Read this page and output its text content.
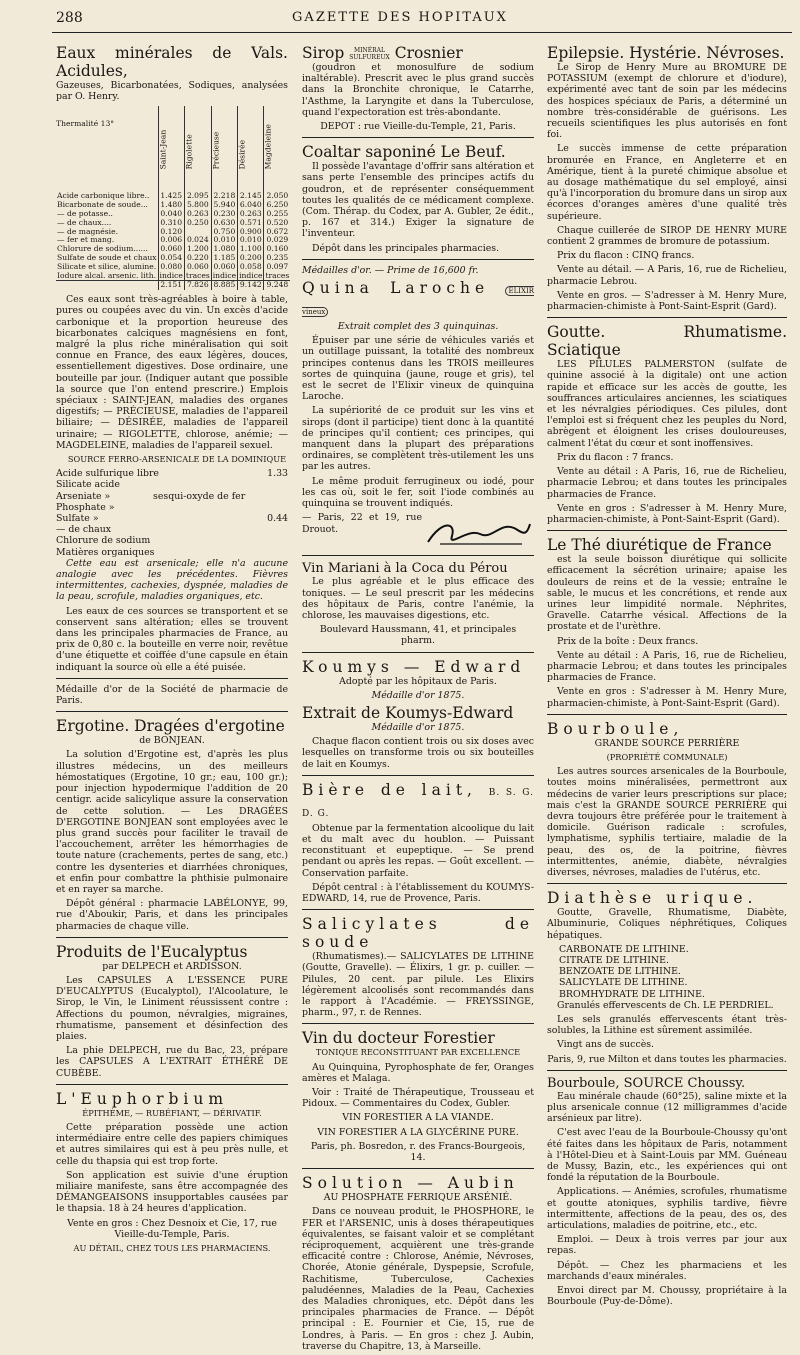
288	GAZETTE DES HOPITAUX
Eaux minérales de Vals. Acidules,

Gazeuses, Bicarbonatées, Sodiques, analysées par O. Henry.

Thermalité 13°	Saint-Jean	Rigolette	Précieuse	Désirée	Magdeleine
Acide carbonique libre..	1.425	2.095	2.218	2.145	2.050
Bicarbonate de soude...	1.480	5.800	5.940	6.040	6.250
— de potasse..	0.040	0.263	0.230	0.263	0.255
— de chaux....	0.310	0.250	0.630	0.571	0.520
— de magnésie.	0.120		0.750	0.900	0.672
— fer et mang.	0.006	0.024	0.010	0.010	0.029
Chlorure de sodium......	0.060	1.200	1.080	1.100	0.160
Sulfate de soude et chaux	0.054	0.220	1.185	0.200	0.235
Silicate et silice, alumine.	0.080	0.060	0.060	0.058	0.097
Iodure alcal. arsenic. lith.	indice	traces	indice	indice	traces
	2.151	7.826	8.885	9.142	9.248

Ces eaux sont très-agréables à boire à table, pures ou coupées avec du vin. Un excès d'acide carbonique et la proportion heureuse des bicarbonates calciques magnésiens en font, malgré la plus riche minéralisation qui soit connue en France, des eaux légères, douces, essentiellement digestives. Dose ordinaire, une bouteille par jour. (Indiquer autant que possible la source que l'on entend prescrire.) Emplois spéciaux : SAINT-JEAN, maladies des organes digestifs; — PRÉCIEUSE, maladies de l'appareil biliaire; — DÉSIRÉE, maladies de l'appareil urinaire; — RIGOLETTE, chlorose, anémie; — MAGDELEINE, maladies de l'appareil sexuel.

SOURCE FERRO-ARSENICALE DE LA DOMINIQUE

Acide sulfurique libre	1.33
Silicate acide
Arseniate »	sesqui-oxyde de fer
Phosphate »
Sulfate »	0.44
— de chaux
Chlorure de sodium
Matières organiques

Cette eau est arsenicale; elle n'a aucune analogie avec les précédentes. Fièvres intermittentes, cachexies, dyspnée, maladies de la peau, scrofule, maladies organiques, etc.

Les eaux de ces sources se transportent et se conservent sans altération; elles se trouvent dans les principales pharmacies de France, au prix de 0,80 c. la bouteille en verre noir, revêtue d'une étiquette et coiffée d'une capsule en étain indiquant la source où elle a été puisée.

Médaille d'or de la Société de pharmacie de Paris.

Ergotine. Dragées d'ergotine

de BONJEAN.

La solution d'Ergotine est, d'après les plus illustres médecins, un des meilleurs hémostatiques (Ergotine, 10 gr.; eau, 100 gr.); pour injection hypodermique l'addition de 20 centigr. acide salicylique assure la conservation de cette solution. — Les DRAGÉES D'ERGOTINE BONJEAN sont employées avec le plus grand succès pour faciliter le travail de l'accouchement, arrêter les hémorrhagies de toute nature (crachements, pertes de sang, etc.) contre les dysenteries et diarrhées chroniques, et enfin pour combattre la phthisie pulmonaire et en rayer sa marche.

Dépôt général : pharmacie LABÉLONYE, 99, rue d'Aboukir, Paris, et dans les principales pharmacies de chaque ville.

Produits de l'Eucalyptus

par DELPECH et ARDISSON.

Les CAPSULES A L'ESSENCE PURE D'EUCALYPTUS (Eucalyptol), l'Alcoolature, le Sirop, le Vin, le Liniment réussissent contre : Affections du poumon, névralgies, migraines, rhumatisme, pansement et désinfection des plaies.

La phie DELPECH, rue du Bac, 23, prépare les CAPSULES A L'EXTRAIT ÉTHÉRÉ DE CUBÈBE.

L'Euphorbium

ÉPITHÈME, — RUBÉFIANT, — DÉRIVATIF.

Cette préparation possède une action intermédiaire entre celle des papiers chimiques et autres similaires qui est à peu près nulle, et celle du thapsia qui est trop forte.

Son application est suivie d'une éruption miliaire manifeste, sans être accompagnée des DÉMANGEAISONS insupportables causées par le thapsia. 18 à 24 heures d'application.

Vente en gros : Chez Desnoix et Cie, 17, rue Vieille-du-Temple, Paris.

AU DÉTAIL, CHEZ TOUS LES PHARMACIENS.

Sirop MINÉRAL
SULFUREUX Crosnier

(goudron et monosulfure de sodium inaltérable). Prescrit avec le plus grand succès dans la Bronchite chronique, le Catarrhe, l'Asthme, la Laryngite et dans la Tuberculose, quand l'expectoration est très-abondante.

DEPOT : rue Vieille-du-Temple, 21, Paris.

Coaltar saponiné Le Beuf.

Il possède l'avantage d'offrir sans altération et sans perte l'ensemble des principes actifs du goudron, et de représenter conséquemment toutes les qualités de ce médicament complexe. (Com. Thérap. du Codex, par A. Gubler, 2e édit., p. 167 et 314.) Exiger la signature de l'inventeur.

Dépôt dans les principales pharmacies.

Médailles d'or. — Prime de 16,600 fr.

Quina Laroche	ELIXIR vineux

Extrait complet des 3 quinquinas.

Épuiser par une série de véhicules variés et un outillage puissant, la totalité des nombreux principes contenus dans les TROIS meilleures sortes de quinquina (jaune, rouge et gris), tel est le secret de l'Elixir vineux de quinquina Laroche.

La supériorité de ce produit sur les vins et sirops (dont il participe) tient donc à la quantité de principes qu'il contient; ces principes, qui manquent dans la plupart des préparations ordinaires, se complètent très-utilement les uns par les autres.

Le même produit ferrugineux ou iodé, pour les cas où, soit le fer, soit l'iode combinés au quinquina se trouvent indiqués.

— Paris, 22 et 19, rue Drouot.

Vin Mariani à la Coca du Pérou

Le plus agréable et le plus efficace des toniques. — Le seul prescrit par les médecins des hôpitaux de Paris, contre l'anémie, la chlorose, les mauvaises digestions, etc.

Boulevard Haussmann, 41, et principales pharm.

Koumys — Edward

Adopté par les hôpitaux de Paris.

Médaille d'or 1875.

Extrait de Koumys-Edward

Médaille d'or 1875.

Chaque flacon contient trois ou six doses avec lesquelles on transforme trois ou six bouteilles de lait en Koumys.

Bière de lait, B. S. G. D. G.

Obtenue par la fermentation alcoolique du lait et du malt avec du houblon. — Puissant reconstituant et eupeptique. — Se prend pendant ou après les repas. — Goût excellent. — Conservation parfaite.

Dépôt central : à l'établissement du KOUMYS-EDWARD, 14, rue de Provence, Paris.

Salicylates de soude

(Rhumatismes).— SALICYLATES DE LITHINE (Goutte, Gravelle). — Élixirs, 1 gr. p. cuiller. — Pilules, 20 cent. par pilule. Les Elixirs légèrement alcoolisés sont recommandés dans le rapport à l'Académie. — FREYSSINGE, pharm., 97, r. de Rennes.

Vin du docteur Forestier

TONIQUE RECONSTITUANT PAR EXCELLENCE

Au Quinquina, Pyrophosphate de fer, Oranges amères et Malaga.

Voir : Traité de Thérapeutique, Trousseau et Pidoux. — Commentaires du Codex, Gubler.

VIN FORESTIER A LA VIANDE.

VIN FORESTIER A LA GLYCÉRINE PURE.

Paris, ph. Bosredon, r. des Francs-Bourgeois, 14.

Solution — Aubin

AU PHOSPHATE FERRIQUE ARSÉNIÉ.

Dans ce nouveau produit, le PHOSPHORE, le FER et l'ARSENIC, unis à doses thérapeutiques équivalentes, se faisant valoir et se complétant réciproquement, acquièrent une très-grande efficacité contre : Chlorose, Anémie, Névroses, Chorée, Atonie générale, Dyspepsie, Scrofule, Rachitisme, Tuberculose, Cachexies paludéennes, Maladies de la Peau, Cachexies des Maladies chroniques, etc. Dépôt dans les principales pharmacies de France. — Dépôt principal : E. Fournier et Cie, 15, rue de Londres, à Paris. — En gros : chez J. Aubin, traverse du Chapitre, 13, à Marseille.

Epilepsie. Hystérie. Névroses.

Le Sirop de Henry Mure au BROMURE DE POTASSIUM (exempt de chlorure et d'iodure), expérimenté avec tant de soin par les médecins des hospices spéciaux de Paris, a déterminé un nombre très-considérable de guérisons. Les recueils scientifiques les plus autorisés en font foi.

Le succès immense de cette préparation bromurée en France, en Angleterre et en Amérique, tient à la pureté chimique absolue et au dosage mathématique du sel employé, ainsi qu'à l'incorporation du bromure dans un sirop aux écorces d'oranges amères d'une qualité très supérieure.

Chaque cuillerée de SIROP DE HENRY MURE contient 2 grammes de bromure de potassium.

Prix du flacon : CINQ francs.

Vente au détail. — A Paris, 16, rue de Richelieu, pharmacie Lebrou.

Vente en gros. — S'adresser à M. Henry Mure, pharmacien-chimiste à Pont-Saint-Esprit (Gard).

Goutte. Rhumatisme. Sciatique

LES PILULES PALMERSTON (sulfate de quinine associé à la digitale) ont une action rapide et efficace sur les accès de goutte, les souffrances articulaires anciennes, les sciatiques et les névralgies périodiques. Ces pilules, dont l'emploi est si fréquent chez les peuples du Nord, abrègent et éloignent les crises douloureuses, calment l'état du cœur et sont inoffensives.

Prix du flacon : 7 francs.

Vente au détail : A Paris, 16, rue de Richelieu, pharmacie Lebrou; et dans toutes les principales pharmacies de France.

Vente en gros : S'adresser à M. Henry Mure, pharmacien-chimiste, à Pont-Saint-Esprit (Gard).

Le Thé diurétique de France

est la seule boisson diurétique qui sollicite efficacement la sécrétion urinaire; apaise les douleurs de reins et de la vessie; entraîne le sable, le mucus et les concrétions, et rende aux urines leur limpidité normale. Néphrites, Gravelle. Catarrhe vésical. Affections de la prostate et de l'urèthre.

Prix de la boîte : Deux francs.

Vente au détail : A Paris, 16, rue de Richelieu, pharmacie Lebrou; et dans toutes les principales pharmacies de France.

Vente en gros : S'adresser à M. Henry Mure, pharmacien-chimiste, à Pont-Saint-Esprit (Gard).

Bourboule,

GRANDE SOURCE PERRIÈRE

(PROPRIÉTÉ COMMUNALE)

Les autres sources arsenicales de la Bourboule, toutes moins minéralisées, permettront aux médecins de varier leurs prescriptions sur place; mais c'est la GRANDE SOURCE PERRIÈRE qui devra toujours être préférée pour le traitement à domicile. Guérison radicale : scrofules, lymphatisme, syphilis tertiaire, maladie de la peau, des os, de la poitrine, fièvres intermittentes, anémie, diabète, névralgies diverses, névroses, maladies de l'utérus, etc.

Diathèse urique.

Goutte, Gravelle, Rhumatisme, Diabète, Albuminurie, Coliques néphrétiques, Coliques hépatiques.

CARBONATE DE LITHINE.
CITRATE DE LITHINE.
BENZOATE DE LITHINE.
SALICYLATE DE LITHINE.
BROMHYDRATE DE LITHINE.

Granulés effervescents de Ch. LE PERDRIEL.

Les sels granulés effervescents étant très-solubles, la Lithine est sûrement assimilée.

Vingt ans de succès.

Paris, 9, rue Milton et dans toutes les pharmacies.

Bourboule, SOURCE Choussy.

Eau minérale chaude (60°25), saline mixte et la plus arsenicale connue (12 milligrammes d'acide arsénieux par litre).

C'est avec l'eau de la Bourboule-Choussy qu'ont été faites dans les hôpitaux de Paris, notamment à l'Hôtel-Dieu et à Saint-Louis par MM. Guéneau de Mussy, Bazin, etc., les expériences qui ont fondé la réputation de la Bourboule.

Applications. — Anémies, scrofules, rhumatisme et goutte atoniques, syphilis tardive, fièvre intermittente, affections de la peau, des os, des articulations, maladies de poitrine, etc., etc.

Emploi. — Deux à trois verres par jour aux repas.

Dépôt. — Chez les pharmaciens et les marchands d'eaux minérales.

Envoi direct par M. Choussy, propriétaire à la Bourboule (Puy-de-Dôme).
